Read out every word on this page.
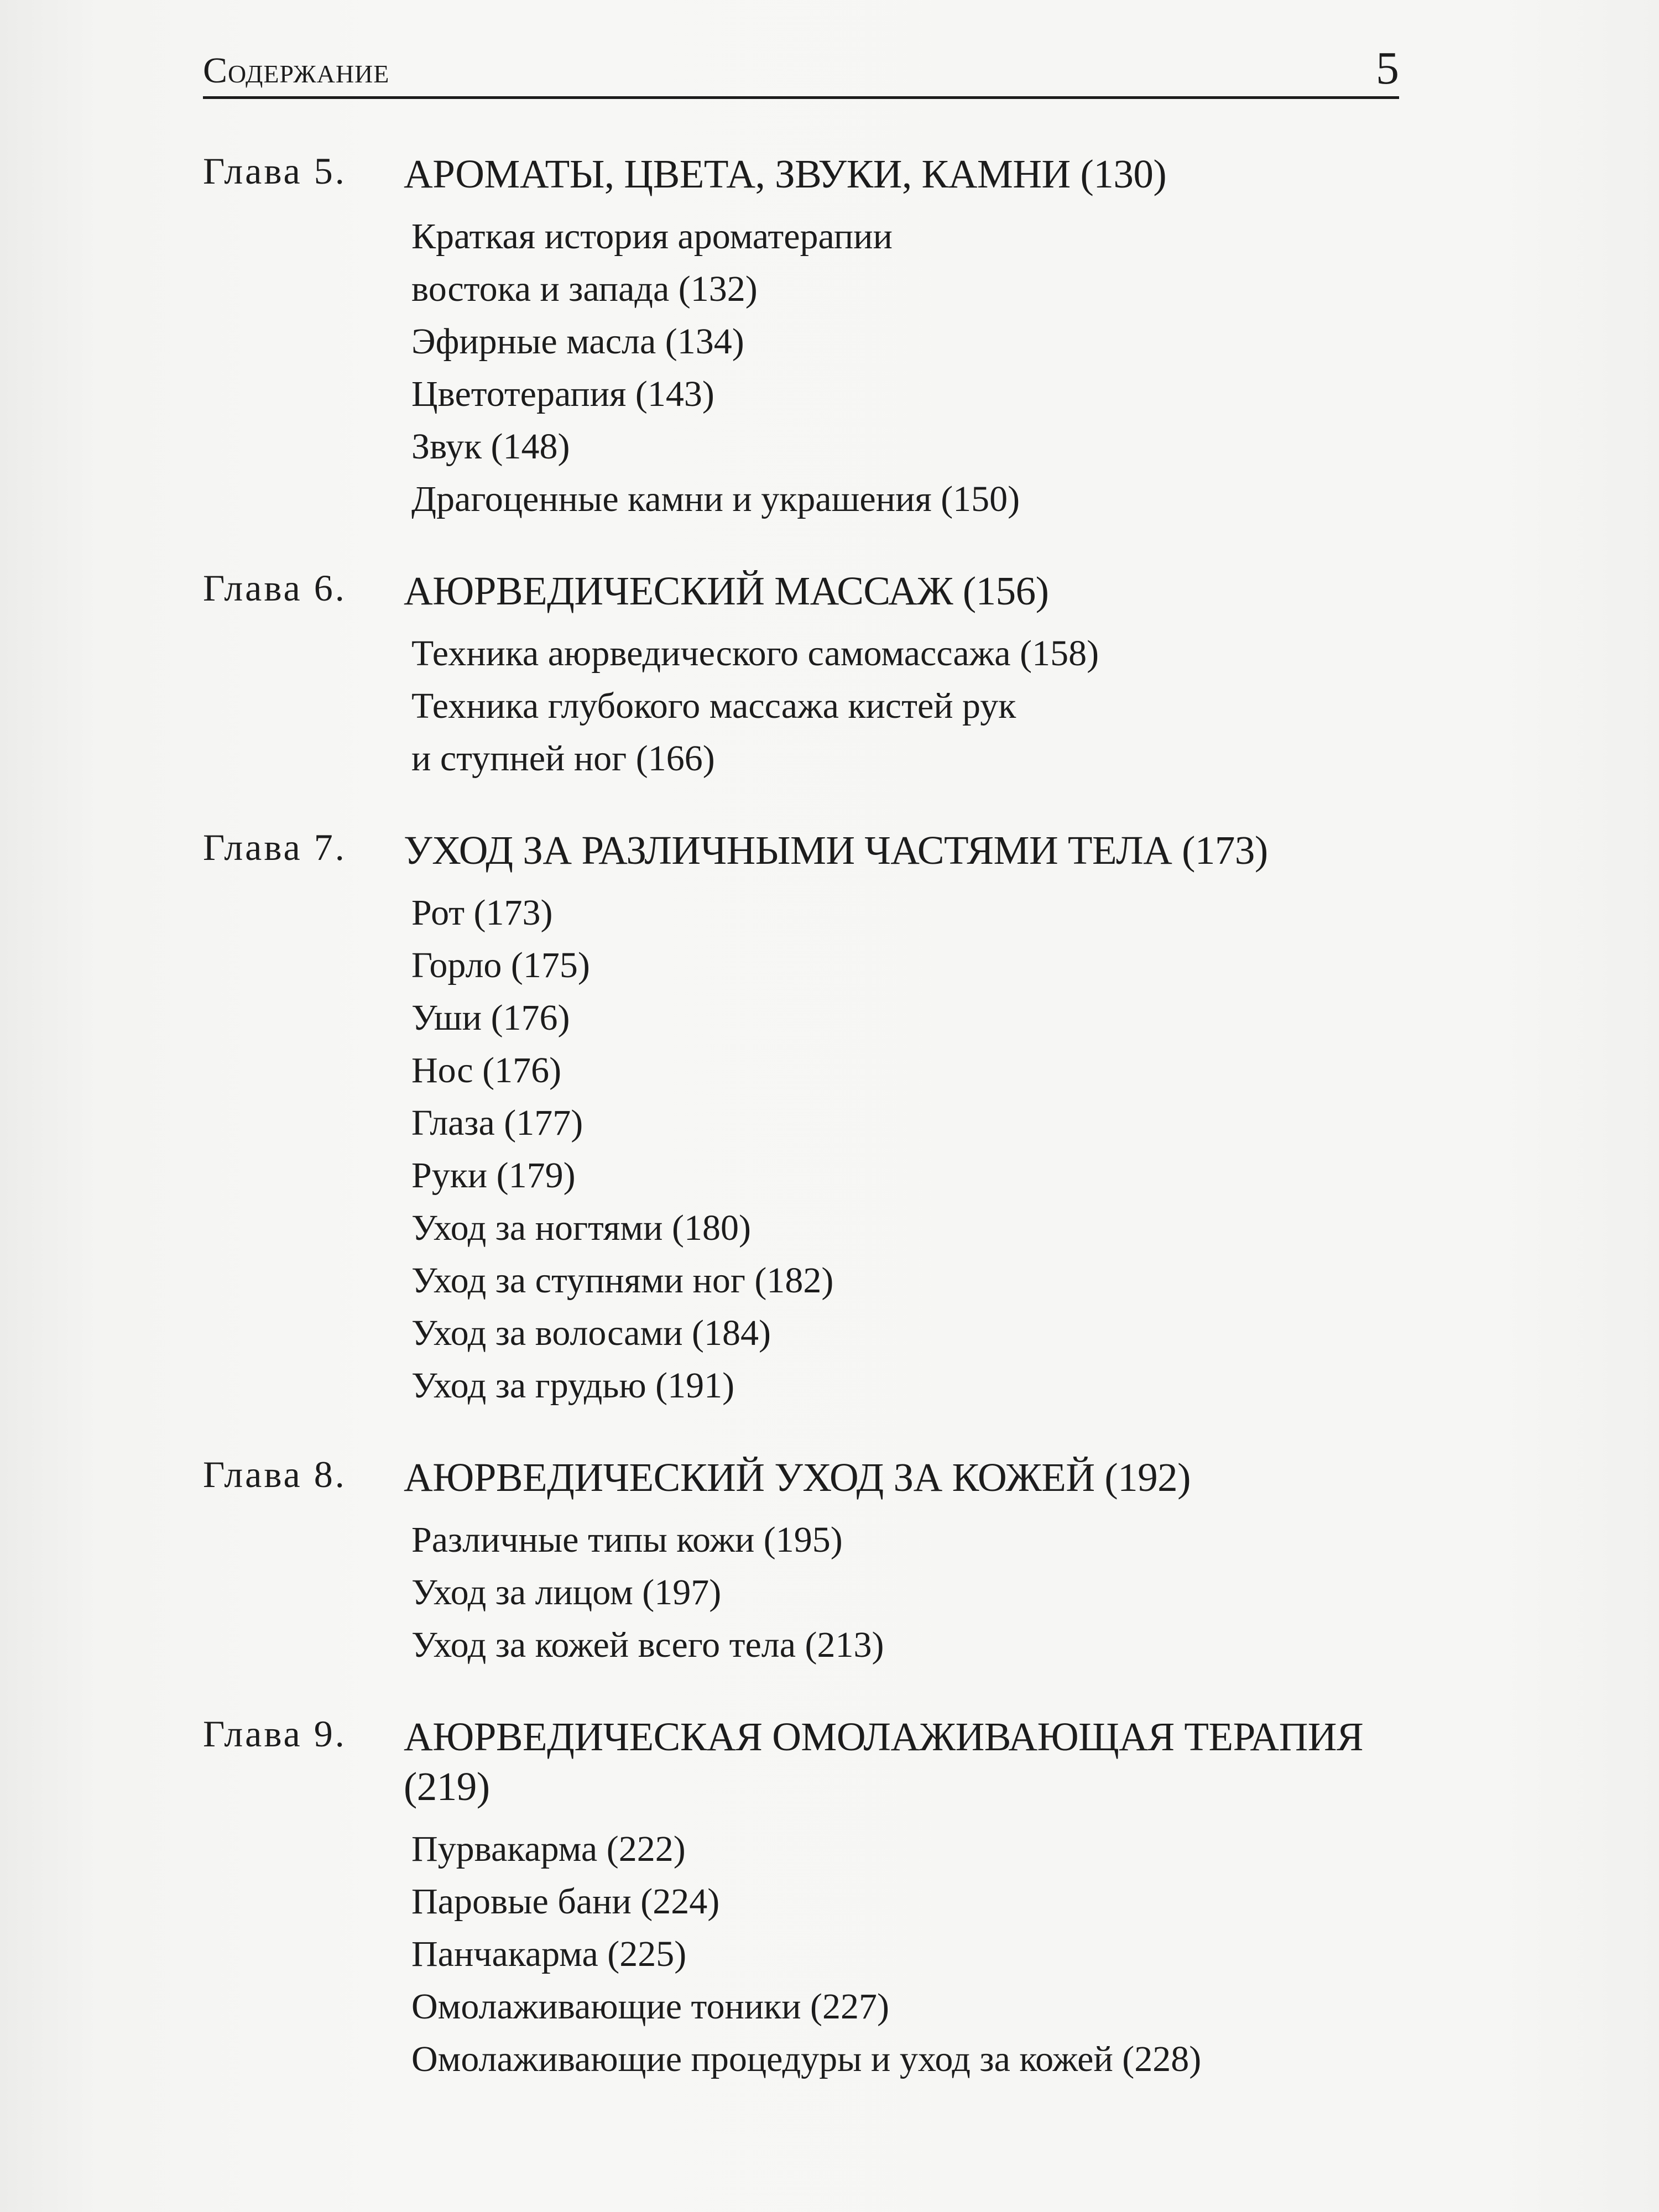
Содержание	5
Глава 5. АРОМАТЫ, ЦВЕТА, ЗВУКИ, КАМНИ (130)
Краткая история ароматерапии
востока и запада (132)
Эфирные масла (134)
Цветотерапия (143)
Звук (148)
Драгоценные камни и украшения (150)
Глава 6. АЮРВЕДИЧЕСКИЙ МАССАЖ (156)
Техника аюрведического самомассажа (158)
Техника глубокого массажа кистей рук
и ступней ног (166)
Глава 7. УХОД ЗА РАЗЛИЧНЫМИ ЧАСТЯМИ ТЕЛА (173)
Рот (173)
Горло (175)
Уши (176)
Нос (176)
Глаза (177)
Руки (179)
Уход за ногтями (180)
Уход за ступнями ног (182)
Уход за волосами (184)
Уход за грудью (191)
Глава 8. АЮРВЕДИЧЕСКИЙ УХОД ЗА КОЖЕЙ (192)
Различные типы кожи (195)
Уход за лицом (197)
Уход за кожей всего тела (213)
Глава 9. АЮРВЕДИЧЕСКАЯ ОМОЛАЖИВАЮЩАЯ ТЕРАПИЯ (219)
Пурвакарма (222)
Паровые бани (224)
Панчакарма (225)
Омолаживающие тоники (227)
Омолаживающие процедуры и уход за кожей (228)
